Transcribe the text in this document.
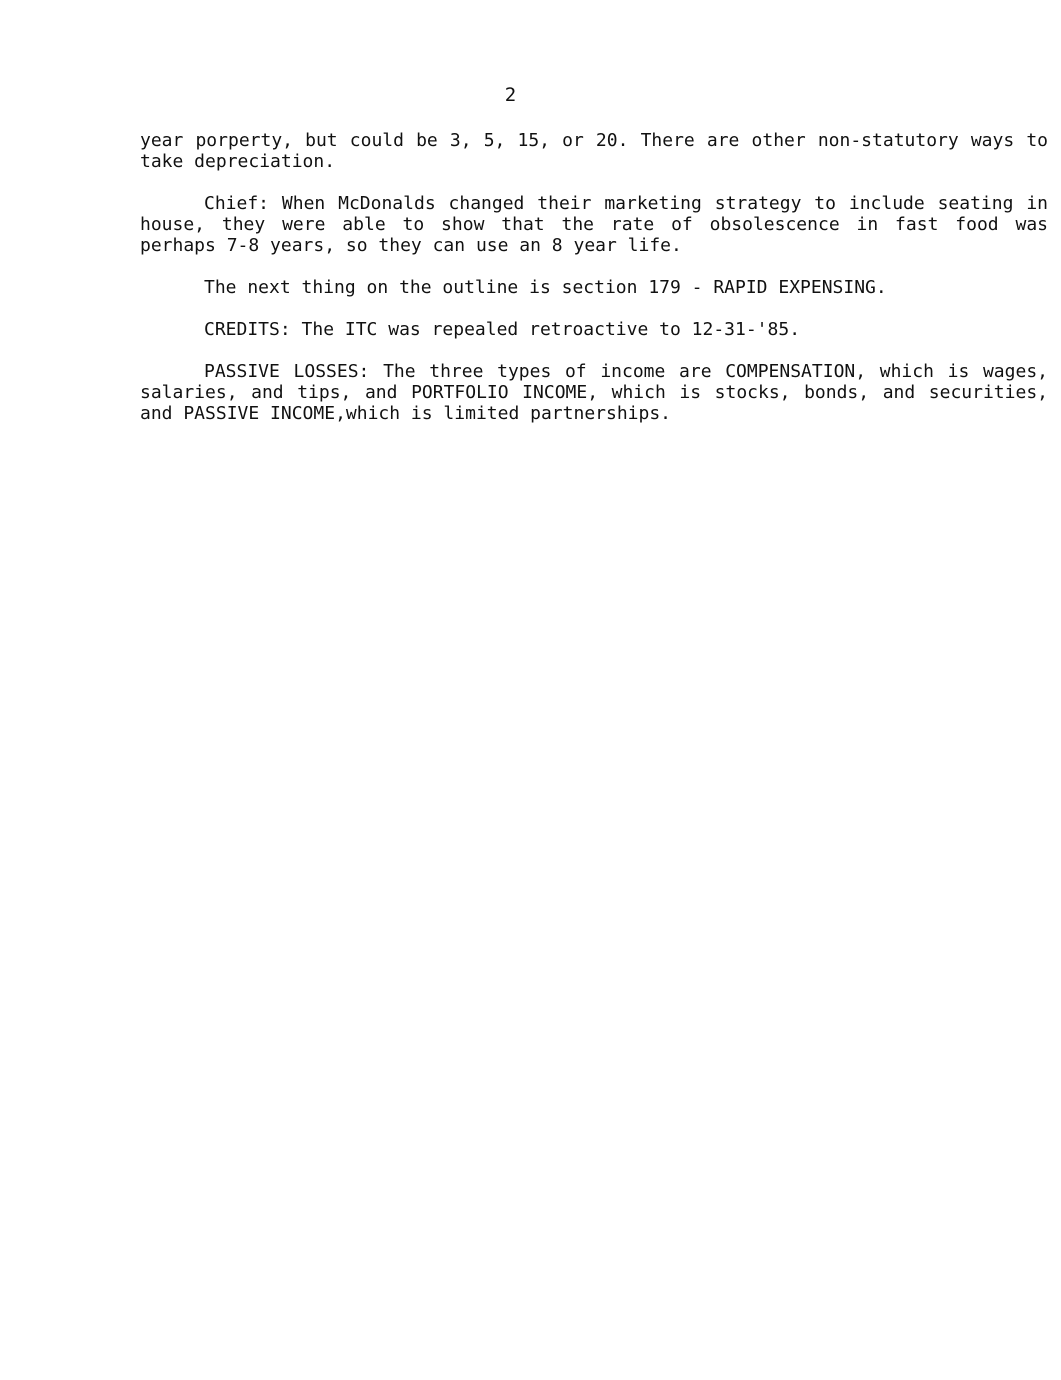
2

year porperty, but could be 3, 5, 15, or 20. There are other non-statutory ways to take depreciation.

Chief: When McDonalds changed their marketing strategy to include seating in house, they were able to show that the rate of obsolescence in fast food was perhaps 7-8 years, so they can use an 8 year life.

The next thing on the outline is section 179 - RAPID EXPENSING.

CREDITS: The ITC was repealed retroactive to 12-31-'85.

PASSIVE LOSSES: The three types of income are COMPENSATION, which is wages, salaries, and tips, and PORTFOLIO INCOME, which is stocks, bonds, and securities, and PASSIVE INCOME,which is limited partnerships.
